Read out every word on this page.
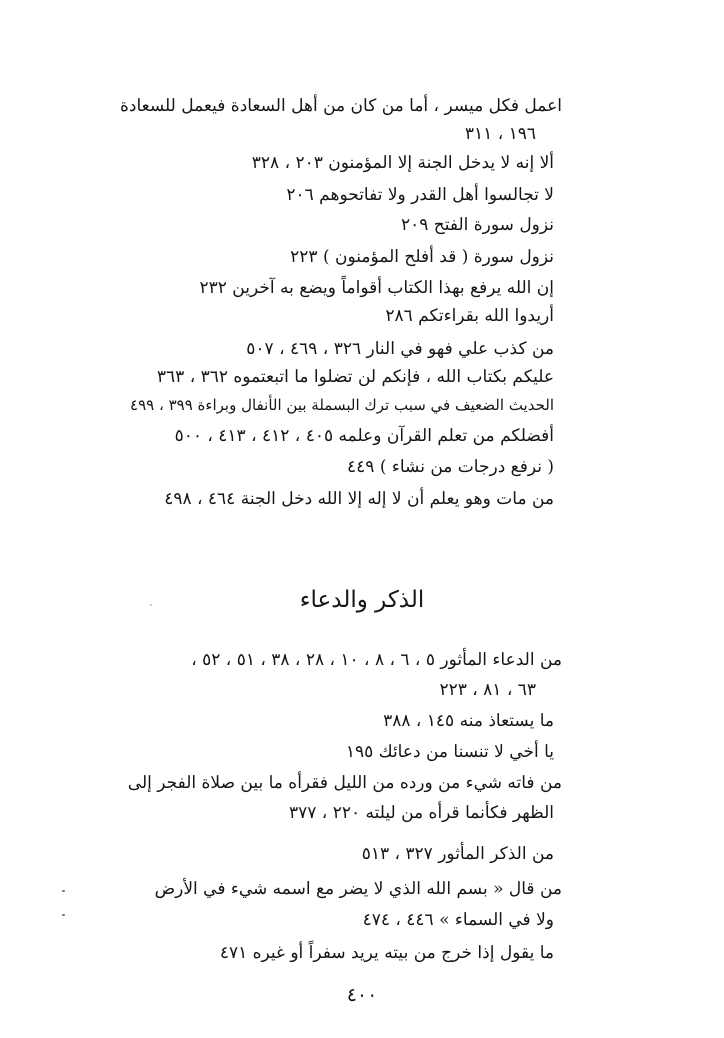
اعمل فكل ميسر ، أما من كان من أهل السعادة فيعمل للسعادة
١٩٦ ، ٣١١
ألا إنه لا يدخل الجنة إلا المؤمنون ٢٠٣ ، ٣٢٨
لا تجالسوا أهل القدر ولا تفاتحوهم ٢٠٦
نزول سورة الفتح ٢٠٩
نزول سورة ( قد أفلح المؤمنون ) ٢٢٣
إن الله يرفع بهذا الكتاب أقواماً ويضع به آخرين ٢٣٢
أريدوا الله بقراءتكم ٢٨٦
من كذب علي فهو في النار ٣٢٦ ، ٤٦٩ ، ٥٠٧
عليكم بكتاب الله ، فإنكم لن تضلوا ما اتبعتموه ٣٦٢ ، ٣٦٣
الحديث الضعيف في سبب ترك البسملة بين الأنفال وبراءة ٣٩٩ ، ٤٩٩
أفضلكم من تعلم القرآن وعلمه ٤٠٥ ، ٤١٢ ، ٤١٣ ، ٥٠٠
( نرفع درجات من نشاء ) ٤٤٩
من مات وهو يعلم أن لا إله إلا الله دخل الجنة ٤٦٤ ، ٤٩٨
الذكر والدعاء
من الدعاء المأثور ٥ ، ٦ ، ٨ ، ١٠ ، ٢٨ ، ٣٨ ، ٥١ ، ٥٢ ،
٦٣ ، ٨١ ، ٢٢٣
ما يستعاذ منه ١٤٥ ، ٣٨٨
يا أخي لا تنسنا من دعائك ١٩٥
من فاته شيء من ورده من الليل فقرأه ما بين صلاة الفجر إلى
الظهر فكأنما قرأه من ليلته ٢٢٠ ، ٣٧٧
من الذكر المأثور ٣٢٧ ، ٥١٣
من قال « بسم الله الذي لا يضر مع اسمه شيء في الأرض
ولا في السماء » ٤٤٦ ، ٤٧٤
ما يقول إذا خرج من بيته يريد سفراً أو غيره ٤٧١
٤٠٠
